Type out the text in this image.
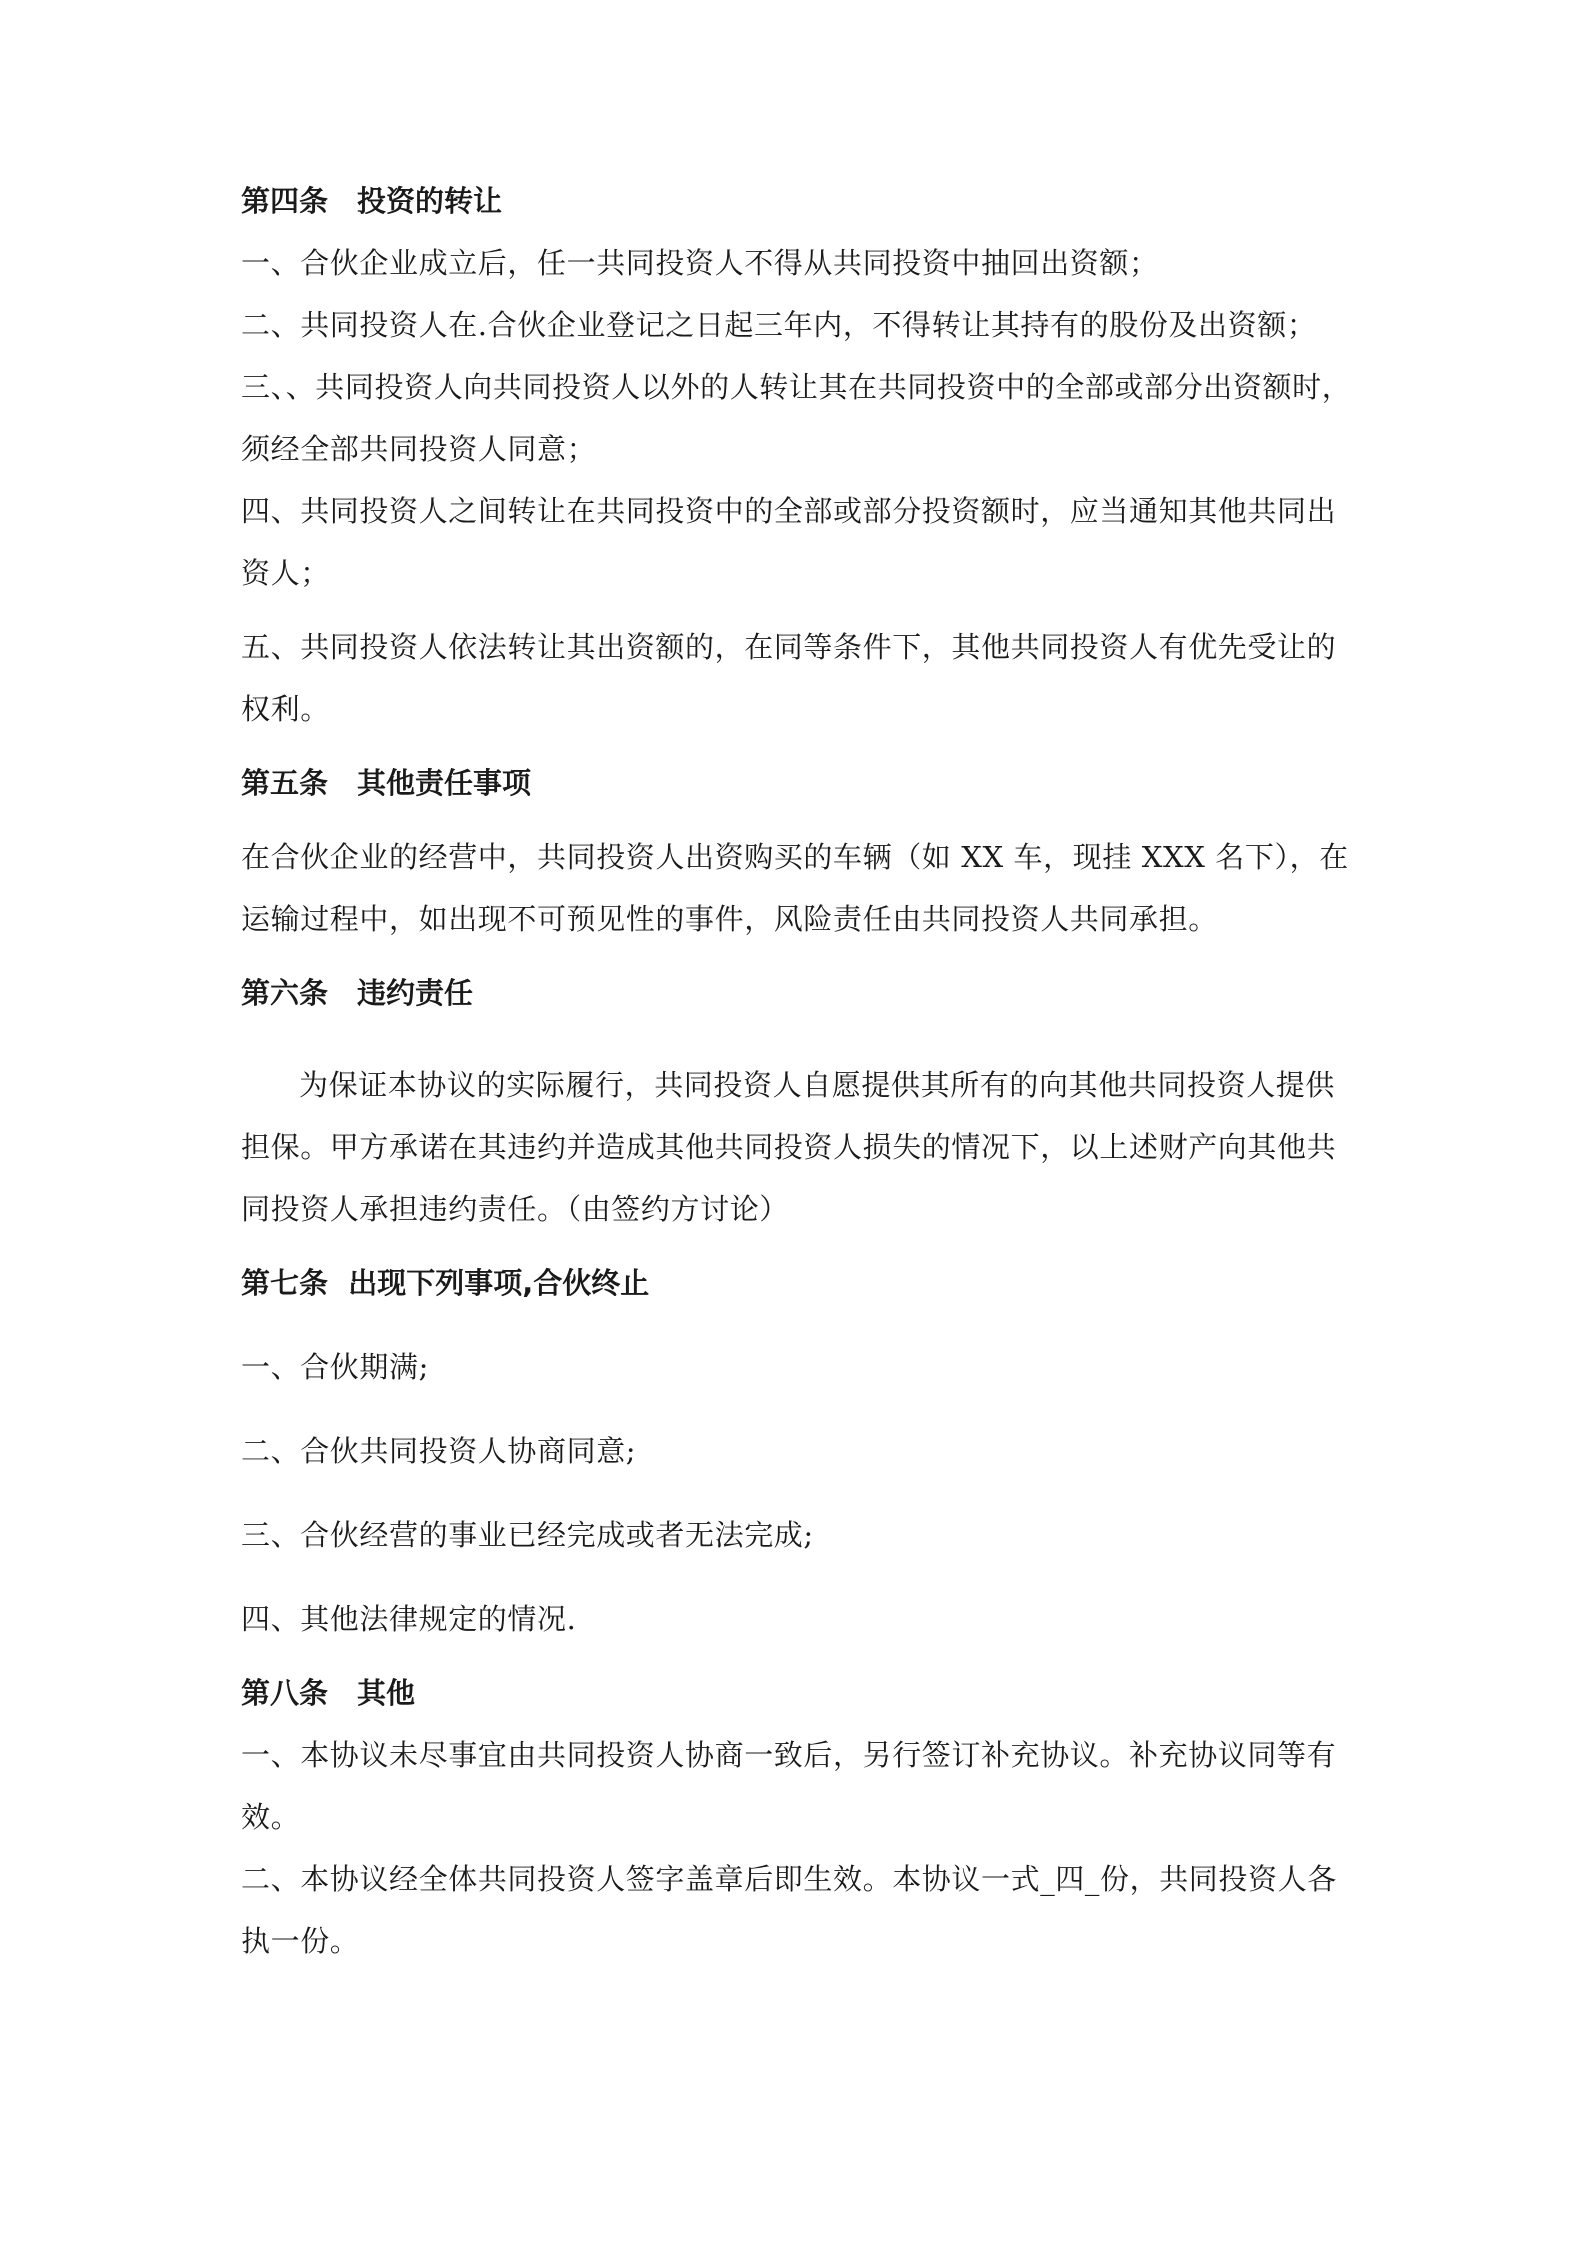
第四条　投资的转让

一、合伙企业成立后，任一共同投资人不得从共同投资中抽回出资额；

二、共同投资人在.合伙企业登记之日起三年内，不得转让其持有的股份及出资额；

三、、共同投资人向共同投资人以外的人转让其在共同投资中的全部或部分出资额时，须经全部共同投资人同意；

四、共同投资人之间转让在共同投资中的全部或部分投资额时，应当通知其他共同出资人；

五、共同投资人依法转让其出资额的，在同等条件下，其他共同投资人有优先受让的权利。

第五条　其他责任事项

在合伙企业的经营中，共同投资人出资购买的车辆（如 XX 车，现挂 XXX 名下），在运输过程中，如出现不可预见性的事件，风险责任由共同投资人共同承担。

第六条　违约责任

为保证本协议的实际履行，共同投资人自愿提供其所有的向其他共同投资人提供担保。甲方承诺在其违约并造成其他共同投资人损失的情况下，以上述财产向其他共同投资人承担违约责任。（由签约方讨论）

第七条  出现下列事项,合伙终止

一、合伙期满;

二、合伙共同投资人协商同意;

三、合伙经营的事业已经完成或者无法完成;

四、其他法律规定的情况.

第八条　其他

一、本协议未尽事宜由共同投资人协商一致后，另行签订补充协议。补充协议同等有效。

二、本协议经全体共同投资人签字盖章后即生效。本协议一式_四_份，共同投资人各执一份。
